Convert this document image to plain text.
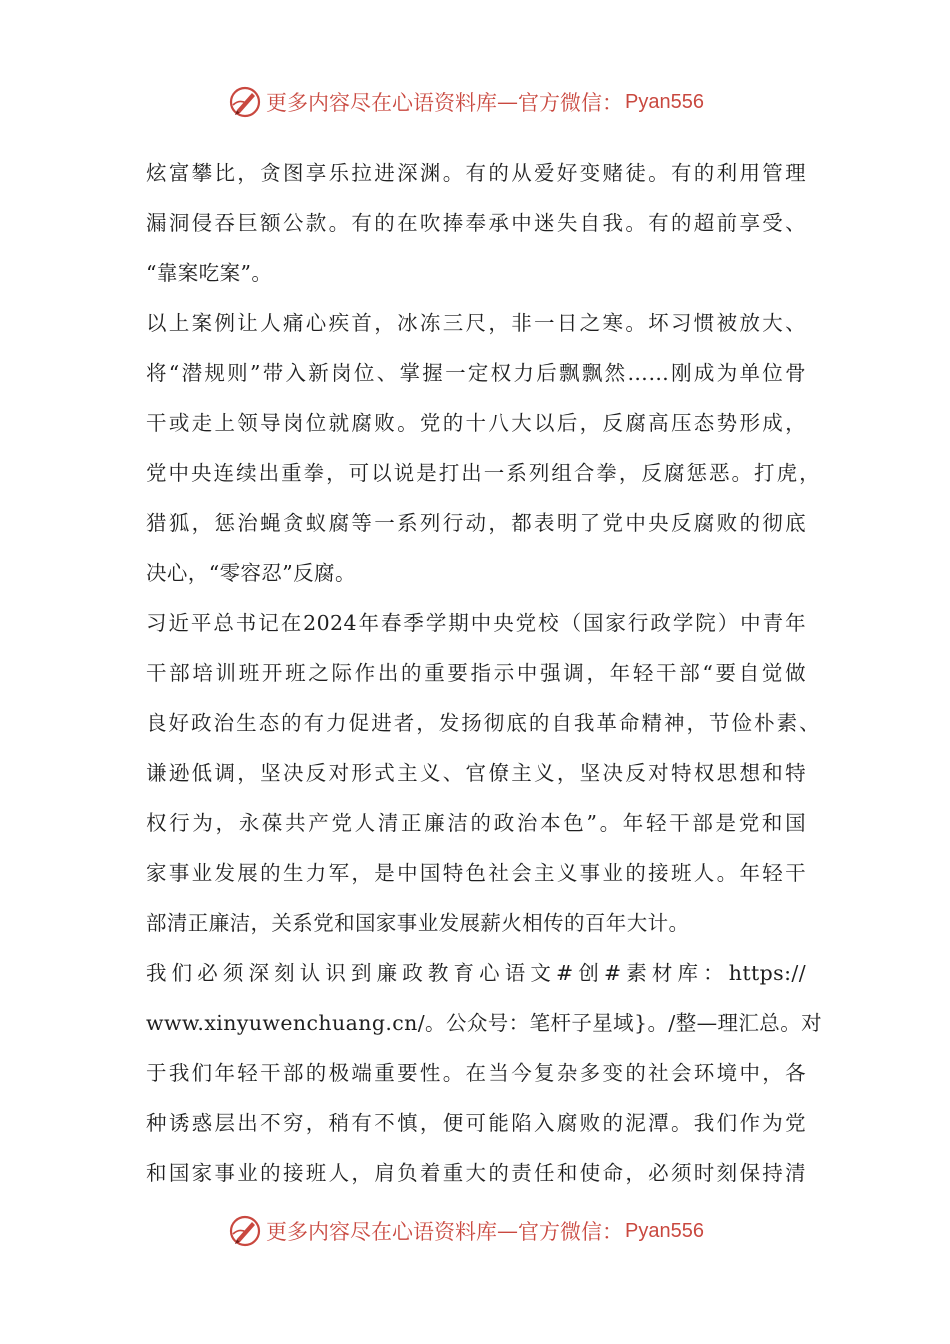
更多内容尽在心语资料库 — 官方微信： Pyan556
炫富攀比，贪图享乐拉进深渊。有的从爱好变赌徒。有的利用管理
漏洞侵吞巨额公款。有的在吹捧奉承中迷失自我。有的超前享受、
“靠案吃案”。
以上案例让人痛心疾首，冰冻三尺，非一日之寒。坏习惯被放大、
将“潜规则”带入新岗位、掌握一定权力后飘飘然……刚成为单位骨
干或走上领导岗位就腐败。党的十八大以后，反腐高压态势形成，
党中央连续出重拳，可以说是打出一系列组合拳，反腐惩恶。打虎，
猎狐，惩治蝇贪蚁腐等一系列行动，都表明了党中央反腐败的彻底
决心，“零容忍”反腐。
习近平总书记在2024年春季学期中央党校（国家行政学院）中青年
干部培训班开班之际作出的重要指示中强调，年轻干部“要自觉做
良好政治生态的有力促进者，发扬彻底的自我革命精神，节俭朴素、
谦逊低调，坚决反对形式主义、官僚主义，坚决反对特权思想和特
权行为，永葆共产党人清正廉洁的政治本色”。年轻干部是党和国
家事业发展的生力军，是中国特色社会主义事业的接班人。年轻干
部清正廉洁，关系党和国家事业发展薪火相传的百年大计。
我们必须深刻认识到廉政教育心语文#创#素材库：https://
www.xinyuwenchuang.cn/。公众号：笔杆子星域}。/整—理汇总。对
于我们年轻干部的极端重要性。在当今复杂多变的社会环境中，各
种诱惑层出不穷，稍有不慎，便可能陷入腐败的泥潭。我们作为党
和国家事业的接班人，肩负着重大的责任和使命，必须时刻保持清
更多内容尽在心语资料库 — 官方微信： Pyan556
